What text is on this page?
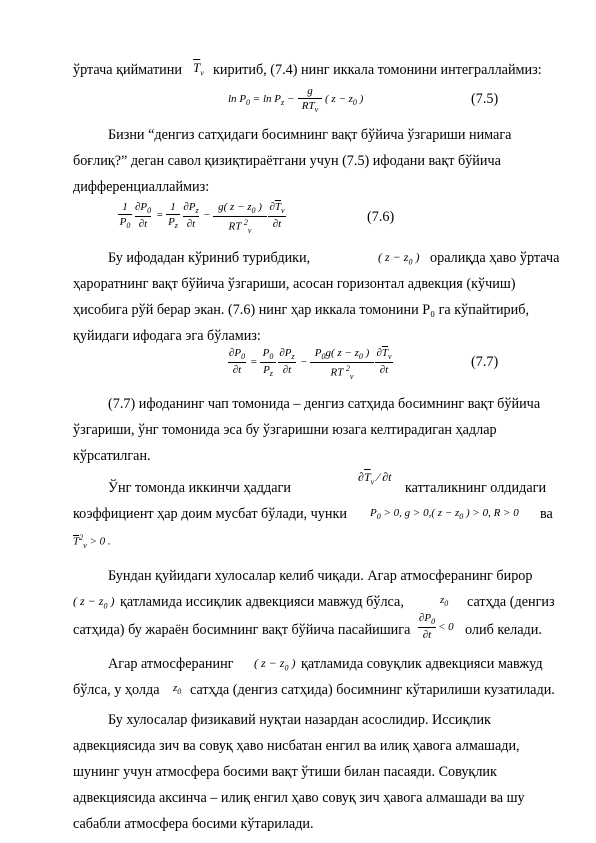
ўртача қийматини $\overline{T}_v$ киритиб, (7.4) нинг иккала томонини интеграллаймиз:
$\ln P_0 = \ln P_z$ −
g
$RT_v$
( $z - z_0$ )	(7.5)
Бизни “денгиз сатҳидаги босимнинг вақт бўйича ўзгариши нимага
боғлиқ?” деган савол қизиқтираётгани учун (7.5) ифодани вақт бўйича
дифференциаллаймиз:
1
$P_0$
$\partial P_0$
∂t
=
1
$P_z$
$\partial P_z$
∂t
−
g( $z - z_0$ )
RT $^2_v$
$\partial\overline{T}_v$
∂t	(7.6)
Бу ифодадан кўриниб турибдики,	( $z - z_0$ ) оралиқда ҳаво ўртача
ҳароратнинг вақт бўйича ўзгариши, асосан горизонтал адвекция (кўчиш)
ҳисобига рўй берар экан. (7.6) нинг ҳар иккала томонини P₀ га кўпайтириб,
қуйидаги ифодага эга бўламиз:
$\partial P_0$
∂t
=
$P_0$
$P_z$
$\partial P_z$
∂t
−
$P_0g$( $z - z_0$ )
RT $^2_v$
$\partial\overline{T}_v$
∂t
(7.7)
(7.7) ифоданинг чап томонида – денгиз сатҳида босимнинг вақт бўйича
ўзгариши, ўнг томонида эса бу ўзгаришни юзага келтирадиган ҳадлар
кўрсатилган.
Ўнг томонда иккинчи ҳаддаги
$\partial\overline{T}_v$ ⁄ ∂t
катталикнинг олдидаги
коэффициент ҳар доим мусбат бўлади, чунки $P_0 > 0$, g > 0,( $z - z_0$ ) > 0, R > 0 ва
$\overline{T}^2_v > 0$ .
Бундан қуйидаги хулосалар келиб чиқади. Агар атмосферанинг бирор
( $z - z_0$ ) қатламида иссиқлик адвекцияси мавжуд бўлса,	$z_0$ сатҳда (денгиз
сатҳида) бу жараён босимнинг вақт бўйича пасайишига
$\partial P_0$
∂t
< 0 олиб келади.
Агар атмосферанинг ( $z - z_0$ ) қатламида совуқлик адвекцияси мавжуд
бўлса, у ҳолда $z_0$ сатҳда (денгиз сатҳида) босимнинг кўтарилиши кузатилади.
Бу хулосалар физикавий нуқтаи назардан асослидир. Иссиқлик
адвекциясида зич ва совуқ ҳаво нисбатан енгил ва илиқ ҳавога алмашади,
шунинг учун атмосфера босими вақт ўтиши билан пасаяди. Совуқлик
адвекциясида аксинча – илиқ енгил ҳаво совуқ зич ҳавога алмашади ва шу
сабабли атмосфера босими кўтарилади.
